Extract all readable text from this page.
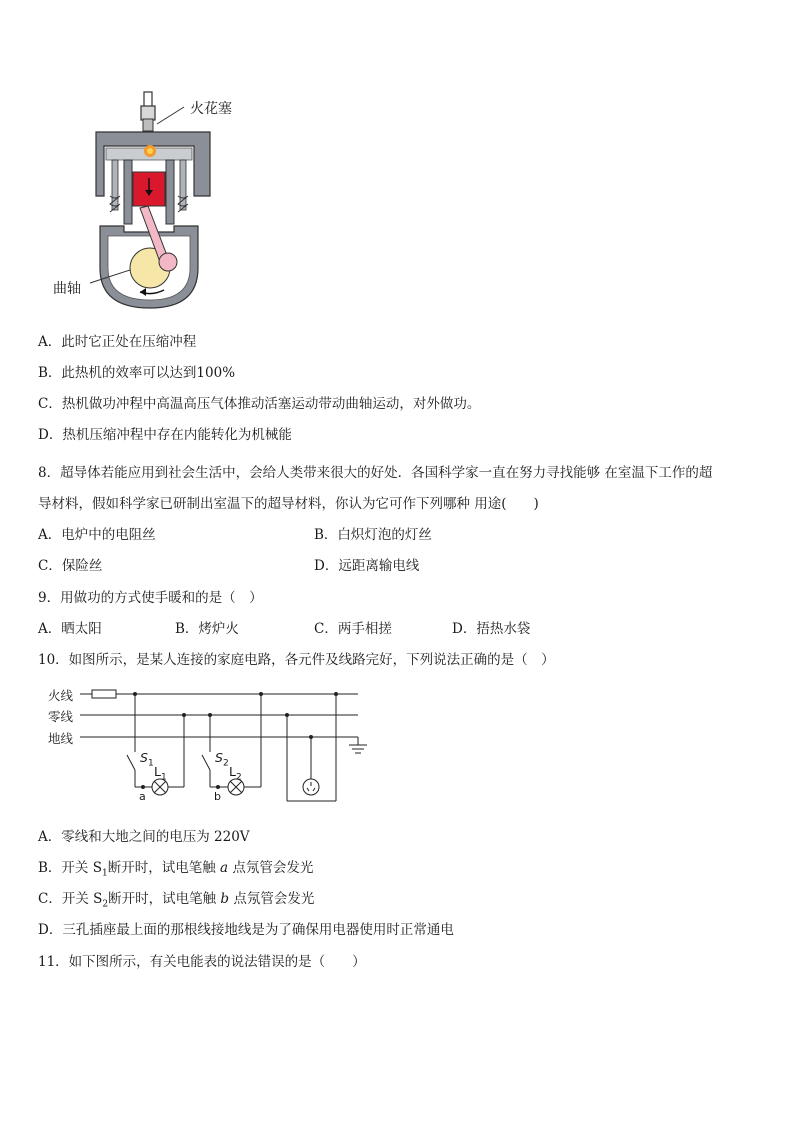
火花塞
曲轴
A．此时它正处在压缩冲程
B．此热机的效率可以达到100%
C．热机做功冲程中高温高压气体推动活塞运动带动曲轴运动，对外做功。
D．热机压缩冲程中存在内能转化为机械能
8．超导体若能应用到社会生活中，会给人类带来很大的好处．各国科学家一直在努力寻找能够 在室温下工作的超
导材料，假如科学家已研制出室温下的超导材料，你认为它可作下列哪种 用途(　　)
A．电炉中的电阻丝	B．白炽灯泡的灯丝
C．保险丝	D．远距离输电线
9．用做功的方式使手暖和的是（　）
A．晒太阳	B．烤炉火	C．两手相搓	D．捂热水袋
10．如图所示，是某人连接的家庭电路，各元件及线路完好，下列说法正确的是（　）
火线
零线
地线
$S_1$
$L_1$
$S_2$
$L_2$
a	b
A．零线和大地之间的电压为 220V
B．开关 $S_1$断开时，试电笔触 a 点氖管会发光
C．开关 $S_2$断开时，试电笔触 b 点氖管会发光
D．三孔插座最上面的那根线接地线是为了确保用电器使用时正常通电
11．如下图所示，有关电能表的说法错误的是（　　）
